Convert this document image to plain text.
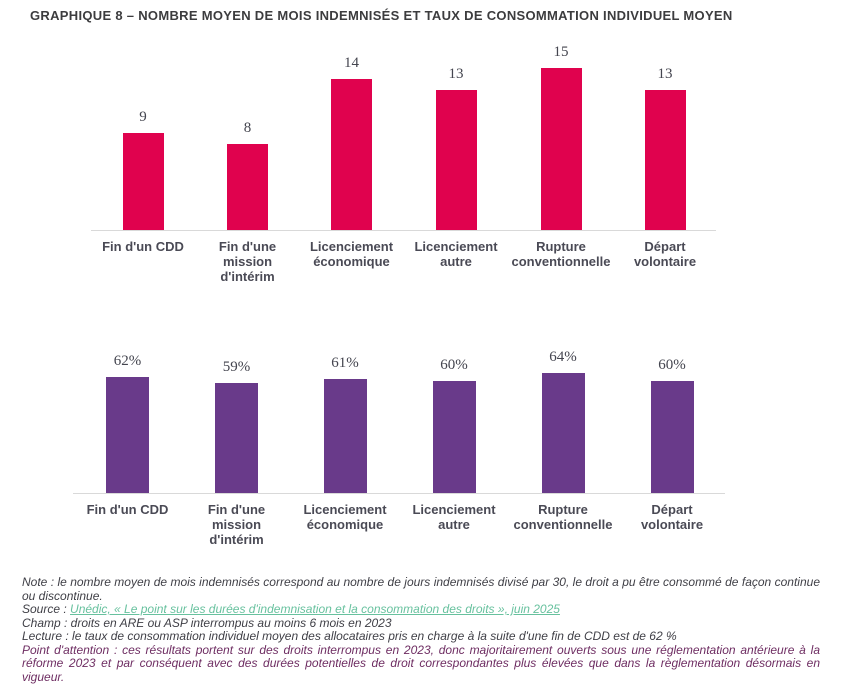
GRAPHIQUE 8 – NOMBRE MOYEN DE MOIS INDEMNISÉS ET TAUX DE CONSOMMATION INDIVIDUEL MOYEN
9
Fin d'un CDD
8
Fin d'une
mission
d'intérim
14
Licenciement
économique
13
Licenciement
autre
15
Rupture
conventionnelle
13
Départ
volontaire
62%
Fin d'un CDD
59%
Fin d'une
mission
d'intérim
61%
Licenciement
économique
60%
Licenciement
autre
64%
Rupture
conventionnelle
60%
Départ
volontaire

Note : le nombre moyen de mois indemnisés correspond au nombre de jours indemnisés divisé par 30, le droit a pu être consommé de façon continue ou discontinue.

Source : Unédic, « Le point sur les durées d'indemnisation et la consommation des droits », juin 2025

Champ : droits en ARE ou ASP interrompus au moins 6 mois en 2023

Lecture : le taux de consommation individuel moyen des allocataires pris en charge à la suite d'une fin de CDD est de 62 %

Point d'attention : ces résultats portent sur des droits interrompus en 2023, donc majoritairement ouverts sous une réglementation antérieure à la réforme 2023 et par conséquent avec des durées potentielles de droit correspondantes plus élevées que dans la règlementation désormais en vigueur.
